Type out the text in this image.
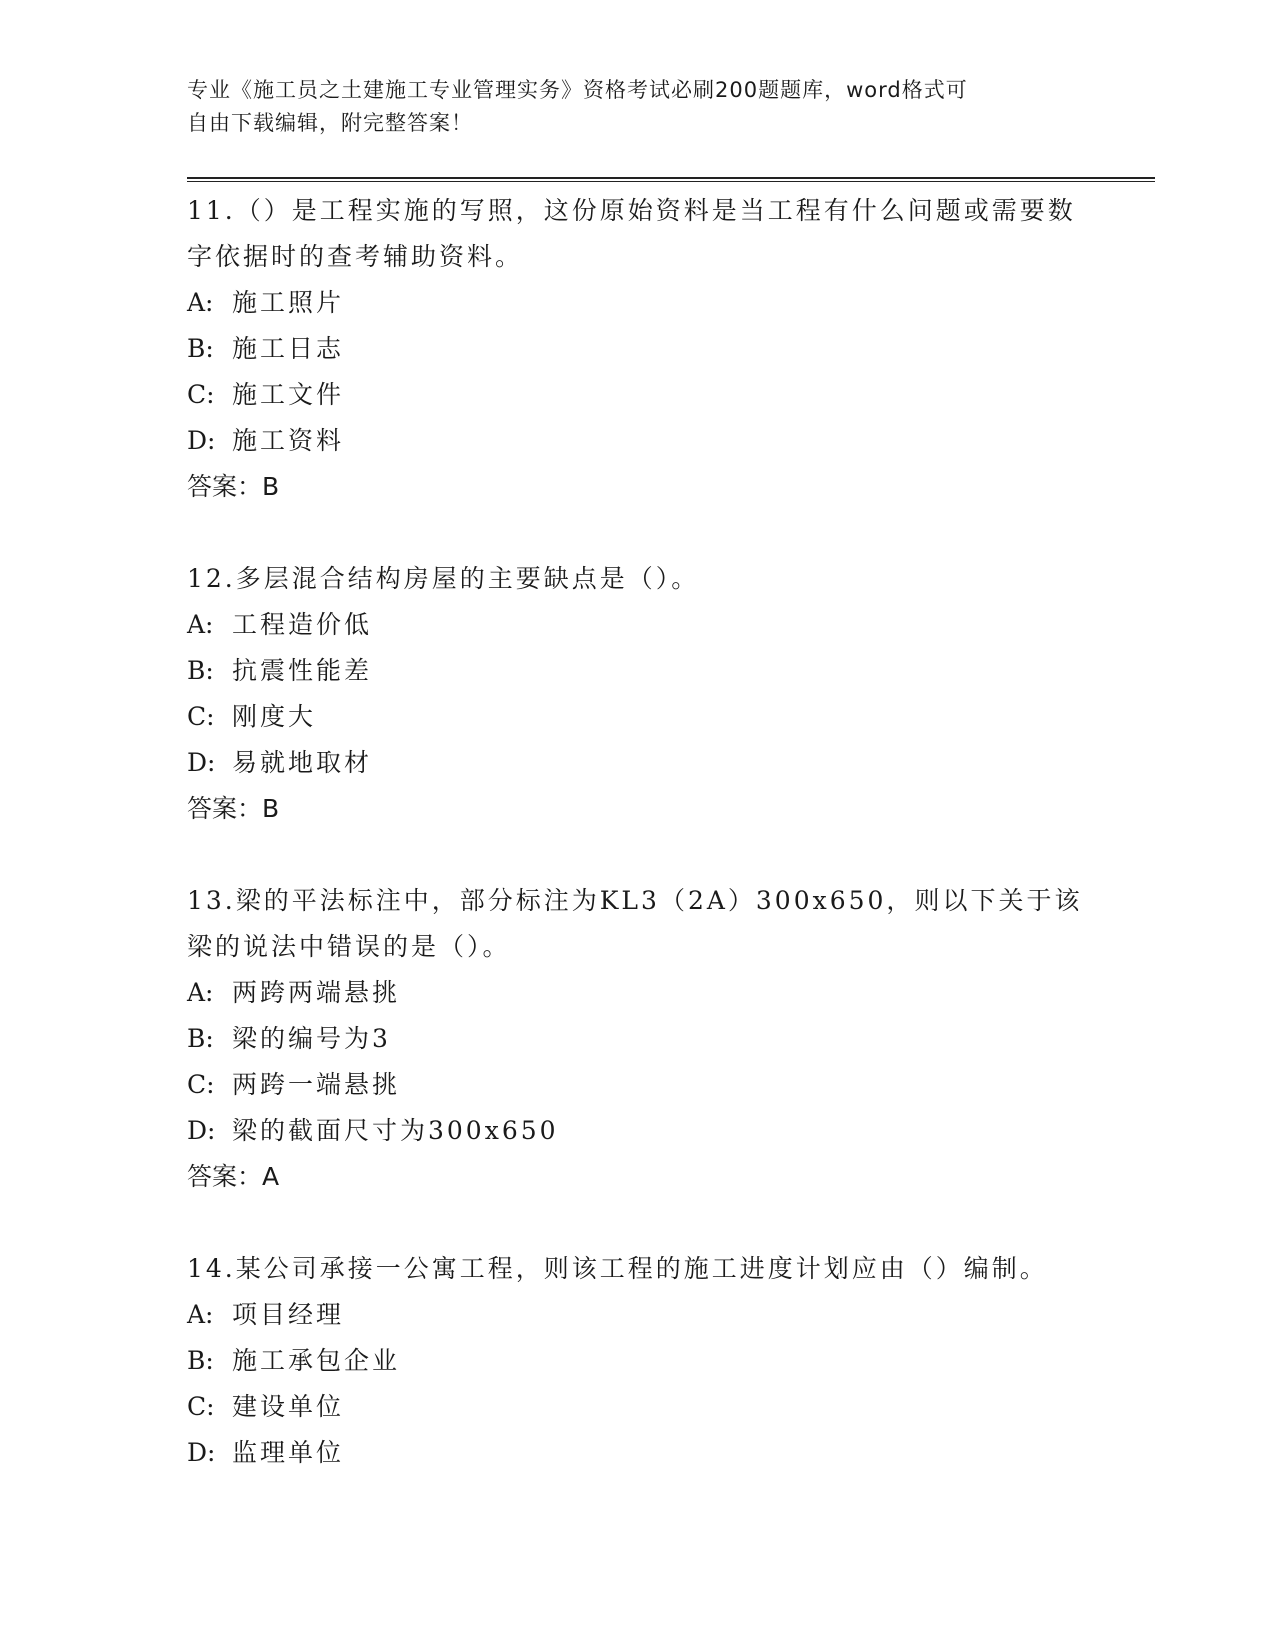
专业《施工员之土建施工专业管理实务》资格考试必刷200题题库，word格式可
自由下载编辑，附完整答案！
11.（）是工程实施的写照，这份原始资料是当工程有什么问题或需要数字依据时的查考辅助资料。
A: 施工照片
B: 施工日志
C: 施工文件
D: 施工资料
答案：B
12.多层混合结构房屋的主要缺点是（）。
A: 工程造价低
B: 抗震性能差
C: 刚度大
D: 易就地取材
答案：B
13.梁的平法标注中，部分标注为KL3（2A）300x650，则以下关于该梁的说法中错误的是（）。
A: 两跨两端悬挑
B: 梁的编号为3
C: 两跨一端悬挑
D: 梁的截面尺寸为300x650
答案：A
14.某公司承接一公寓工程，则该工程的施工进度计划应由（）编制。
A: 项目经理
B: 施工承包企业
C: 建设单位
D: 监理单位
